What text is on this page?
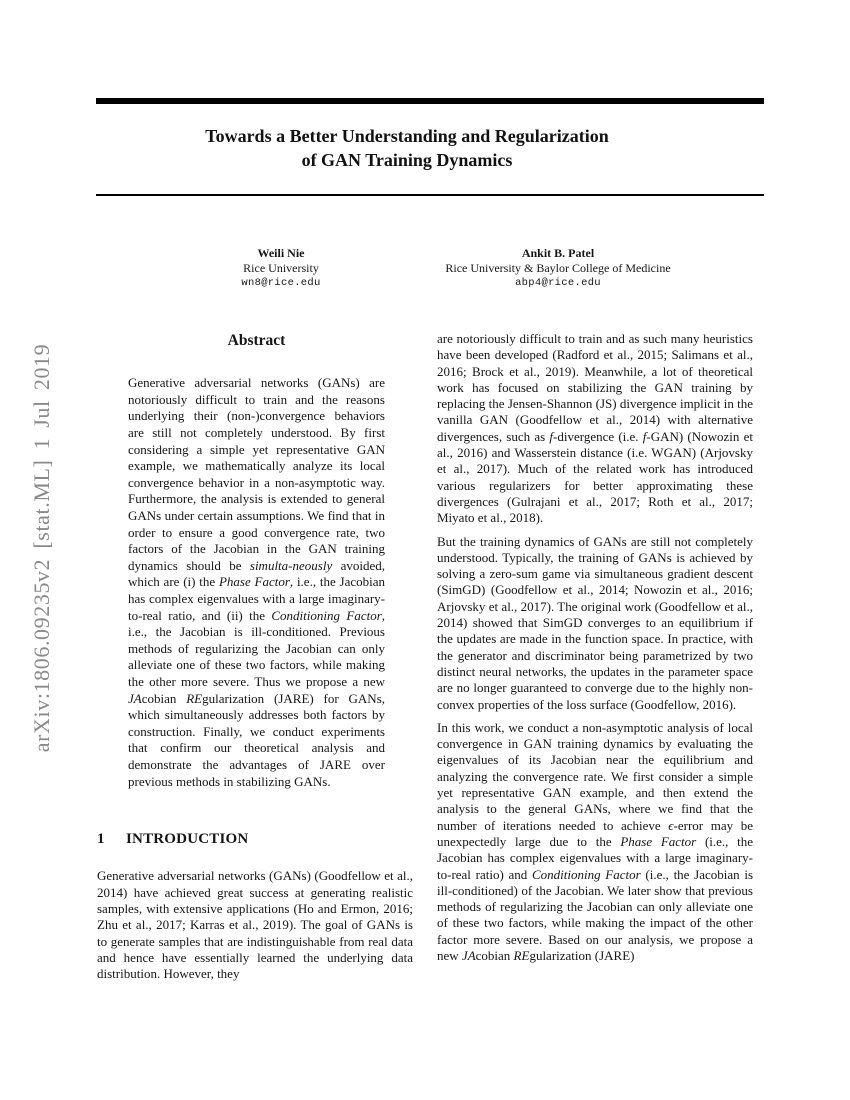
arXiv:1806.09235v2 [stat.ML] 1 Jul 2019
Towards a Better Understanding and Regularization
of GAN Training Dynamics
Weili Nie
Rice University
wn8@rice.edu
Ankit B. Patel
Rice University & Baylor College of Medicine
abp4@rice.edu
Abstract

Generative adversarial networks (GANs) are notoriously difficult to train and the reasons underlying their (non-)convergence behaviors are still not completely understood. By first considering a simple yet representative GAN example, we mathematically analyze its local convergence behavior in a non-asymptotic way. Furthermore, the analysis is extended to general GANs under certain assumptions. We find that in order to ensure a good convergence rate, two factors of the Jacobian in the GAN training dynamics should be simulta-neously avoided, which are (i) the Phase Factor, i.e., the Jacobian has complex eigenvalues with a large imaginary-to-real ratio, and (ii) the Conditioning Factor, i.e., the Jacobian is ill-conditioned. Previous methods of regularizing the Jacobian can only alleviate one of these two factors, while making the other more severe. Thus we propose a new JAcobian REgularization (JARE) for GANs, which simultaneously addresses both factors by construction. Finally, we conduct experiments that confirm our theoretical analysis and demonstrate the advantages of JARE over previous methods in stabilizing GANs.

1 INTRODUCTION

Generative adversarial networks (GANs) (Goodfellow et al., 2014) have achieved great success at generating realistic samples, with extensive applications (Ho and Ermon, 2016; Zhu et al., 2017; Karras et al., 2019). The goal of GANs is to generate samples that are indistinguishable from real data and hence have essentially learned the underlying data distribution. However, they

are notoriously difficult to train and as such many heuristics have been developed (Radford et al., 2015; Salimans et al., 2016; Brock et al., 2019). Meanwhile, a lot of theoretical work has focused on stabilizing the GAN training by replacing the Jensen-Shannon (JS) divergence implicit in the vanilla GAN (Goodfellow et al., 2014) with alternative divergences, such as f-divergence (i.e. f-GAN) (Nowozin et al., 2016) and Wasserstein distance (i.e. WGAN) (Arjovsky et al., 2017). Much of the related work has introduced various regularizers for better approximating these divergences (Gulrajani et al., 2017; Roth et al., 2017; Miyato et al., 2018).

But the training dynamics of GANs are still not completely understood. Typically, the training of GANs is achieved by solving a zero-sum game via simultaneous gradient descent (SimGD) (Goodfellow et al., 2014; Nowozin et al., 2016; Arjovsky et al., 2017). The original work (Goodfellow et al., 2014) showed that SimGD converges to an equilibrium if the updates are made in the function space. In practice, with the generator and discriminator being parametrized by two distinct neural networks, the updates in the parameter space are no longer guaranteed to converge due to the highly non-convex properties of the loss surface (Goodfellow, 2016).

In this work, we conduct a non-asymptotic analysis of local convergence in GAN training dynamics by evaluating the eigenvalues of its Jacobian near the equilibrium and analyzing the convergence rate. We first consider a simple yet representative GAN example, and then extend the analysis to the general GANs, where we find that the number of iterations needed to achieve ϵ-error may be unexpectedly large due to the Phase Factor (i.e., the Jacobian has complex eigenvalues with a large imaginary-to-real ratio) and Conditioning Factor (i.e., the Jacobian is ill-conditioned) of the Jacobian. We later show that previous methods of regularizing the Jacobian can only alleviate one of these two factors, while making the impact of the other factor more severe. Based on our analysis, we propose a new JAcobian REgularization (JARE)
